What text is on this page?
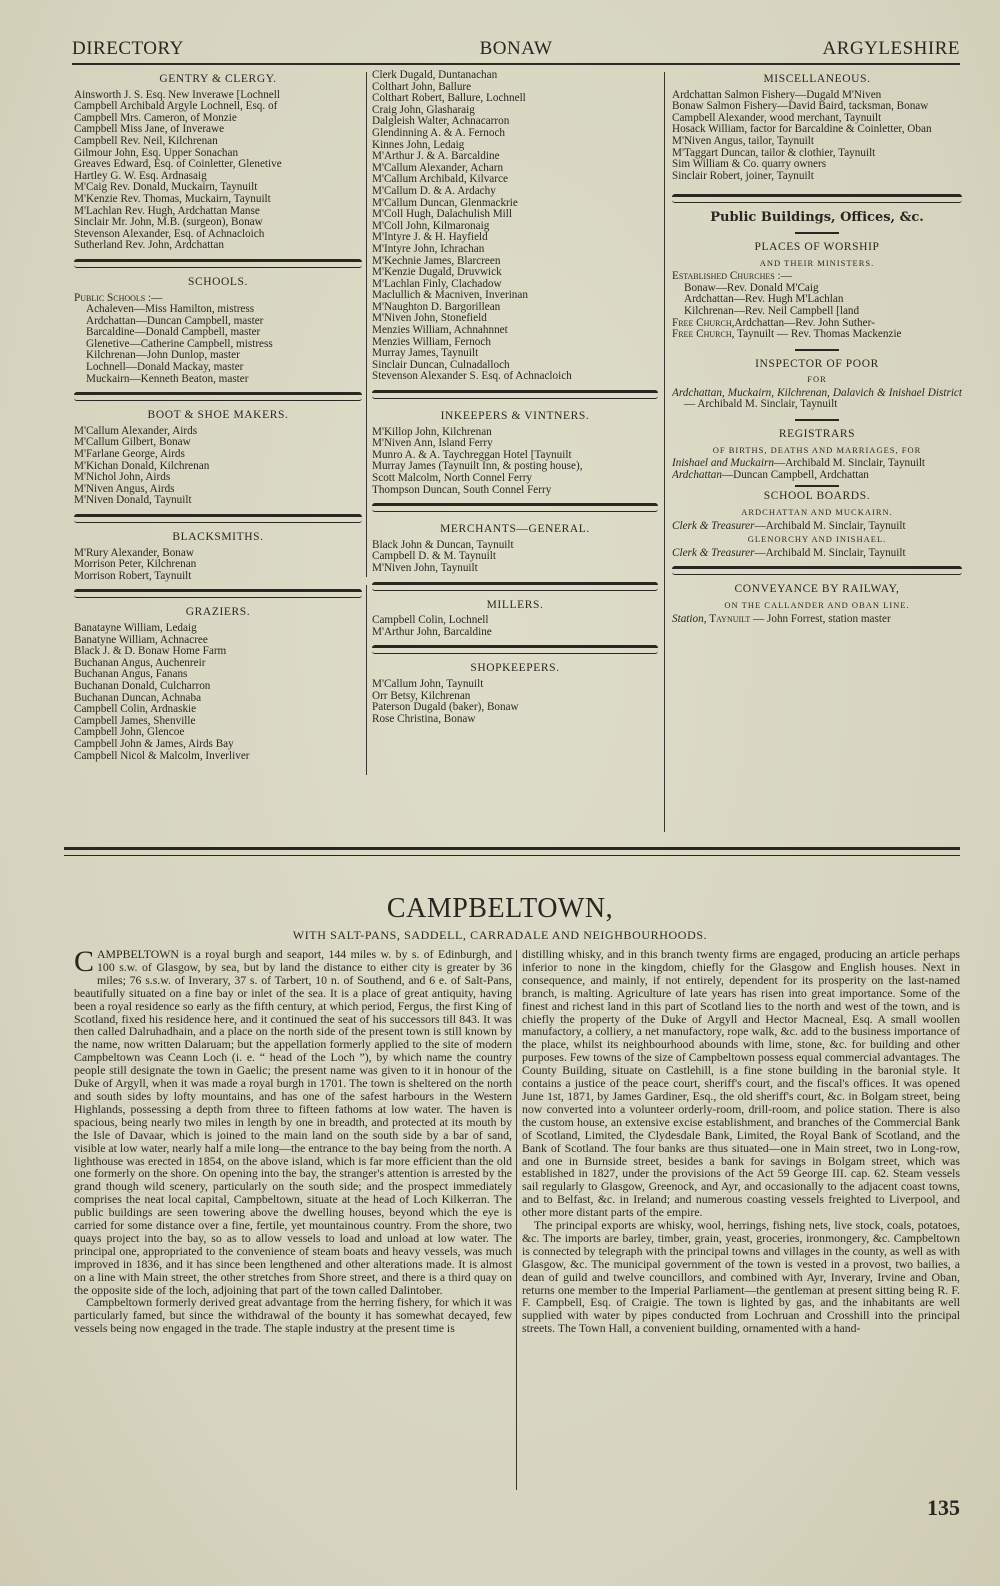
DIRECTORY	BONAW	ARGYLESHIRE
GENTRY & CLERGY.
Ainsworth J. S. Esq. New Inverawe [Lochnell
Campbell Archibald Argyle Lochnell, Esq. of
Campbell Mrs. Cameron, of Monzie
Campbell Miss Jane, of Inverawe
Campbell Rev. Neil, Kilchrenan
Gilmour John, Esq. Upper Sonachan
Greaves Edward, Esq. of Coinletter, Glenetive
Hartley G. W. Esq. Ardnasaig
M'Caig Rev. Donald, Muckairn, Taynuilt
M'Kenzie Rev. Thomas, Muckairn, Taynuilt
M'Lachlan Rev. Hugh, Ardchattan Manse
Sinclair Mr. John, M.B. (surgeon), Bonaw
Stevenson Alexander, Esq. of Achnacloich
Sutherland Rev. John, Ardchattan
SCHOOLS.
Public Schools :—
Achaleven—Miss Hamilton, mistress
Ardchattan—Duncan Campbell, master
Barcaldine—Donald Campbell, master
Glenetive—Catherine Campbell, mistress
Kilchrenan—John Dunlop, master
Lochnell—Donald Mackay, master
Muckairn—Kenneth Beaton, master
BOOT & SHOE MAKERS.
M'Callum Alexander, Airds
M'Callum Gilbert, Bonaw
M'Farlane George, Airds
M'Kichan Donald, Kilchrenan
M'Nichol John, Airds
M'Niven Angus, Airds
M'Niven Donald, Taynuilt
BLACKSMITHS.
M'Rury Alexander, Bonaw
Morrison Peter, Kilchrenan
Morrison Robert, Taynuilt
GRAZIERS.
Banatayne William, Ledaig
Banatyne William, Achnacree
Black J. & D. Bonaw Home Farm
Buchanan Angus, Auchenreir
Buchanan Angus, Fanans
Buchanan Donald, Culcharron
Buchanan Duncan, Achnaba
Campbell Colin, Ardnaskie
Campbell James, Shenville
Campbell John, Glencoe
Campbell John & James, Airds Bay
Campbell Nicol & Malcolm, Inverliver
Clerk Dugald, Duntanachan
Colthart John, Ballure
Colthart Robert, Ballure, Lochnell
Craig John, Glasharaig
Dalgleish Walter, Achnacarron
Glendinning A. & A. Fernoch
Kinnes John, Ledaig
M'Arthur J. & A. Barcaldine
M'Callum Alexander, Acharn
M'Callum Archibald, Kilvarce
M'Callum D. & A. Ardachy
M'Callum Duncan, Glenmackrie
M'Coll Hugh, Dalachulish Mill
M'Coll John, Kilmaronaig
M'Intyre J. & H. Hayfield
M'Intyre John, Ichrachan
M'Kechnie James, Blarcreen
M'Kenzie Dugald, Druvwick
M'Lachlan Finly, Clachadow
Maclullich & Macniven, Inverinan
M'Naughton D. Bargorillean
M'Niven John, Stonefield
Menzies William, Achnahnnet
Menzies William, Fernoch
Murray James, Taynuilt
Sinclair Duncan, Culnadalloch
Stevenson Alexander S. Esq. of Achnacloich
INKEEPERS & VINTNERS.
M'Killop John, Kilchrenan
M'Niven Ann, Island Ferry
Munro A. & A. Taychreggan Hotel [Taynuilt
Murray James (Taynuilt Inn, & posting house),
Scott Malcolm, North Connel Ferry
Thompson Duncan, South Connel Ferry
MERCHANTS—GENERAL.
Black John & Duncan, Taynuilt
Campbell D. & M. Taynuilt
M'Niven John, Taynuilt
MILLERS.
Campbell Colin, Lochnell
M'Arthur John, Barcaldine
SHOPKEEPERS.
M'Callum John, Taynuilt
Orr Betsy, Kilchrenan
Paterson Dugald (baker), Bonaw
Rose Christina, Bonaw
MISCELLANEOUS.
Ardchattan Salmon Fishery—Dugald M'Niven
Bonaw Salmon Fishery—David Baird, tacksman, Bonaw
Campbell Alexander, wood merchant, Taynuilt
Hosack William, factor for Barcaldine & Coinletter, Oban
M'Niven Angus, tailor, Taynuilt
M'Taggart Duncan, tailor & clothier, Taynuilt
Sim William & Co. quarry owners
Sinclair Robert, joiner, Taynuilt
Public Buildings, Offices, &c.
PLACES OF WORSHIP
AND THEIR MINISTERS.
Established Churches :—
Bonaw—Rev. Donald M'Caig
Ardchattan—Rev. Hugh M'Lachlan
Kilchrenan—Rev. Neil Campbell [land
Free Church,Ardchattan—Rev. John Suther-
Free Church, Taynuilt — Rev. Thomas Mackenzie
INSPECTOR OF POOR
FOR
Ardchattan, Muckairn, Kilchrenan, Dalavich & Inishael District — Archibald M. Sinclair, Taynuilt
REGISTRARS
OF BIRTHS, DEATHS AND MARRIAGES, FOR
Inishael and Muckairn—Archibald M. Sinclair, Taynuilt
Ardchattan—Duncan Campbell, Ardchattan
SCHOOL BOARDS.
ARDCHATTAN AND MUCKAIRN.
Clerk & Treasurer—Archibald M. Sinclair, Taynuilt
GLENORCHY AND INISHAEL.
Clerk & Treasurer—Archibald M. Sinclair, Taynuilt
CONVEYANCE BY RAILWAY,
ON THE CALLANDER AND OBAN LINE.
Station, Taynuilt — John Forrest, station master
CAMPBELTOWN,
WITH SALT-PANS, SADDELL, CARRADALE AND NEIGHBOURHOODS.

CAMPBELTOWN is a royal burgh and seaport, 144 miles w. by s. of Edinburgh, and 100 s.w. of Glasgow, by sea, but by land the distance to either city is greater by 36 miles; 76 s.s.w. of Inverary, 37 s. of Tarbert, 10 n. of Southend, and 6 e. of Salt-Pans, beautifully situated on a fine bay or inlet of the sea. It is a place of great antiquity, having been a royal residence so early as the fifth century, at which period, Fergus, the first King of Scotland, fixed his residence here, and it continued the seat of his successors till 843. It was then called Dalruhadhain, and a place on the north side of the present town is still known by the name, now written Dalaruam; but the appellation formerly applied to the site of modern Campbeltown was Ceann Loch (i. e. “ head of the Loch ”), by which name the country people still designate the town in Gaelic; the present name was given to it in honour of the Duke of Argyll, when it was made a royal burgh in 1701. The town is sheltered on the north and south sides by lofty mountains, and has one of the safest harbours in the Western Highlands, possessing a depth from three to fifteen fathoms at low water. The haven is spacious, being nearly two miles in length by one in breadth, and protected at its mouth by the Isle of Davaar, which is joined to the main land on the south side by a bar of sand, visible at low water, nearly half a mile long—the entrance to the bay being from the north. A lighthouse was erected in 1854, on the above island, which is far more efficient than the old one formerly on the shore. On opening into the bay, the stranger's attention is arrested by the grand though wild scenery, particularly on the south side; and the prospect immediately comprises the neat local capital, Campbeltown, situate at the head of Loch Kilkerran. The public buildings are seen towering above the dwelling houses, beyond which the eye is carried for some distance over a fine, fertile, yet mountainous country. From the shore, two quays project into the bay, so as to allow vessels to load and unload at low water. The principal one, appropriated to the convenience of steam boats and heavy vessels, was much improved in 1836, and it has since been lengthened and other alterations made. It is almost on a line with Main street, the other stretches from Shore street, and there is a third quay on the opposite side of the loch, adjoining that part of the town called Dalintober.

Campbeltown formerly derived great advantage from the herring fishery, for which it was particularly famed, but since the withdrawal of the bounty it has somewhat decayed, few vessels being now engaged in the trade. The staple industry at the present time is

distilling whisky, and in this branch twenty firms are engaged, producing an article perhaps inferior to none in the kingdom, chiefly for the Glasgow and English houses. Next in consequence, and mainly, if not entirely, dependent for its prosperity on the last-named branch, is malting. Agriculture of late years has risen into great importance. Some of the finest and richest land in this part of Scotland lies to the north and west of the town, and is chiefly the property of the Duke of Argyll and Hector Macneal, Esq. A small woollen manufactory, a colliery, a net manufactory, rope walk, &c. add to the business importance of the place, whilst its neighbourhood abounds with lime, stone, &c. for building and other purposes. Few towns of the size of Campbeltown possess equal commercial advantages. The County Building, situate on Castlehill, is a fine stone building in the baronial style. It contains a justice of the peace court, sheriff's court, and the fiscal's offices. It was opened June 1st, 1871, by James Gardiner, Esq., the old sheriff's court, &c. in Bolgam street, being now converted into a volunteer orderly-room, drill-room, and police station. There is also the custom house, an extensive excise establishment, and branches of the Commercial Bank of Scotland, Limited, the Clydesdale Bank, Limited, the Royal Bank of Scotland, and the Bank of Scotland. The four banks are thus situated—one in Main street, two in Long-row, and one in Burnside street, besides a bank for savings in Bolgam street, which was established in 1827, under the provisions of the Act 59 George III. cap. 62. Steam vessels sail regularly to Glasgow, Greenock, and Ayr, and occasionally to the adjacent coast towns, and to Belfast, &c. in Ireland; and numerous coasting vessels freighted to Liverpool, and other more distant parts of the empire.

The principal exports are whisky, wool, herrings, fishing nets, live stock, coals, potatoes, &c. The imports are barley, timber, grain, yeast, groceries, ironmongery, &c. Campbeltown is connected by telegraph with the principal towns and villages in the county, as well as with Glasgow, &c. The municipal government of the town is vested in a provost, two bailies, a dean of guild and twelve councillors, and combined with Ayr, Inverary, Irvine and Oban, returns one member to the Imperial Parliament—the gentleman at present sitting being R. F. F. Campbell, Esq. of Craigie. The town is lighted by gas, and the inhabitants are well supplied with water by pipes conducted from Lochruan and Crosshill into the principal streets. The Town Hall, a convenient building, ornamented with a hand-

135
